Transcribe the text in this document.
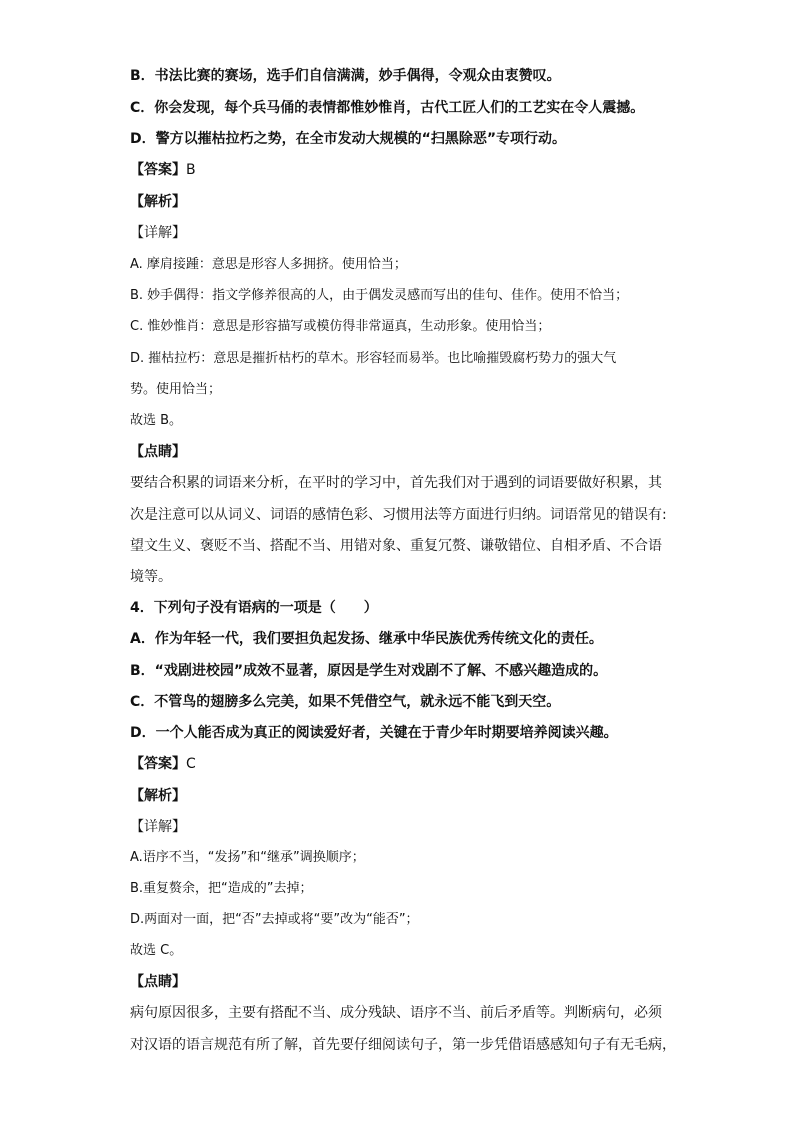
B．书法比赛的赛场，选手们自信满满，妙手偶得，令观众由衷赞叹。
C．你会发现，每个兵马俑的表情都惟妙惟肖，古代工匠人们的工艺实在令人震撼。
D．警方以摧枯拉朽之势，在全市发动大规模的“扫黑除恶”专项行动。
【答案】B
【解析】
【详解】
A. 摩肩接踵：意思是形容人多拥挤。使用恰当；
B. 妙手偶得：指文学修养很高的人，由于偶发灵感而写出的佳句、佳作。使用不恰当；
C. 惟妙惟肖：意思是形容描写或模仿得非常逼真，生动形象。使用恰当；
D. 摧枯拉朽：意思是摧折枯朽的草木。形容轻而易举。也比喻摧毁腐朽势力的强大气
势。使用恰当；
故选 B。
【点睛】
要结合积累的词语来分析，在平时的学习中，首先我们对于遇到的词语要做好积累，其
次是注意可以从词义、词语的感情色彩、习惯用法等方面进行归纳。词语常见的错误有:
望文生义、褒贬不当、搭配不当、用错对象、重复冗赘、谦敬错位、自相矛盾、不合语
境等。
4．下列句子没有语病的一项是（　　）
A．作为年轻一代，我们要担负起发扬、继承中华民族优秀传统文化的责任。
B．“戏剧进校园”成效不显著，原因是学生对戏剧不了解、不感兴趣造成的。
C．不管鸟的翅膀多么完美，如果不凭借空气，就永远不能飞到天空。
D．一个人能否成为真正的阅读爱好者，关键在于青少年时期要培养阅读兴趣。
【答案】C
【解析】
【详解】
A.语序不当，“发扬”和“继承”调换顺序；
B.重复赘余，把“造成的”去掉；
D.两面对一面，把“否”去掉或将“要”改为“能否”；
故选 C。
【点睛】
病句原因很多，主要有搭配不当、成分残缺、语序不当、前后矛盾等。判断病句，必须
对汉语的语言规范有所了解，首先要仔细阅读句子，第一步凭借语感感知句子有无毛病，
